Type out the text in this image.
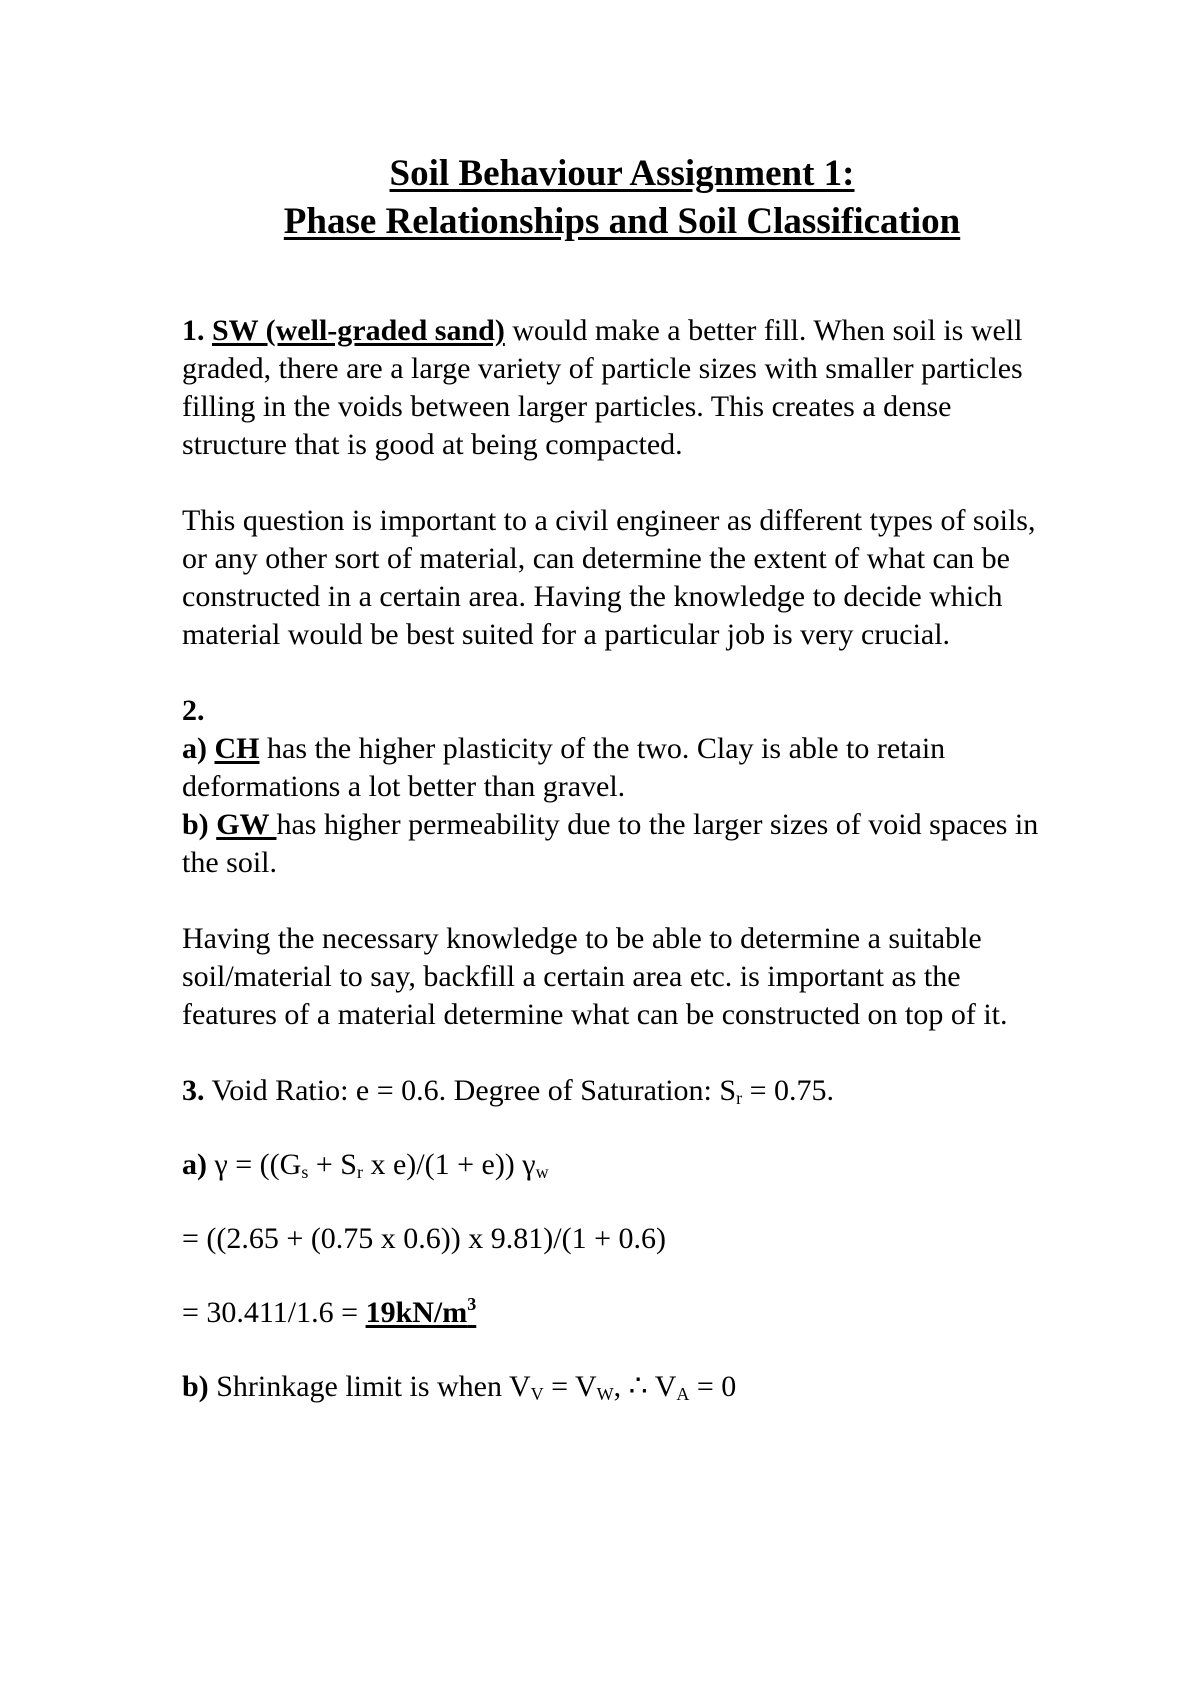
Soil Behaviour Assignment 1:
Phase Relationships and Soil Classification

1. SW (well-graded sand) would make a better fill. When soil is well graded, there are a large variety of particle sizes with smaller particles filling in the voids between larger particles. This creates a dense structure that is good at being compacted.

This question is important to a civil engineer as different types of soils, or any other sort of material, can determine the extent of what can be constructed in a certain area. Having the knowledge to decide which material would be best suited for a particular job is very crucial.

2.

a) CH has the higher plasticity of the two. Clay is able to retain deformations a lot better than gravel.

b) GW has higher permeability due to the larger sizes of void spaces in the soil.

Having the necessary knowledge to be able to determine a suitable soil/material to say, backfill a certain area etc. is important as the features of a material determine what can be constructed on top of it.

3. Void Ratio: e = 0.6. Degree of Saturation: $S_r = 0.75$.

a) $\gamma = ((G_s + S_r$ x e)/(1 + e)) $\gamma_w$

= ((2.65 + (0.75 x 0.6)) x 9.81)/(1 + 0.6)

= $30.411/1.6 = 19kN/m^3$

b) Shrinkage limit is when $V_V = V_W$, ∴ $V_A = 0$
